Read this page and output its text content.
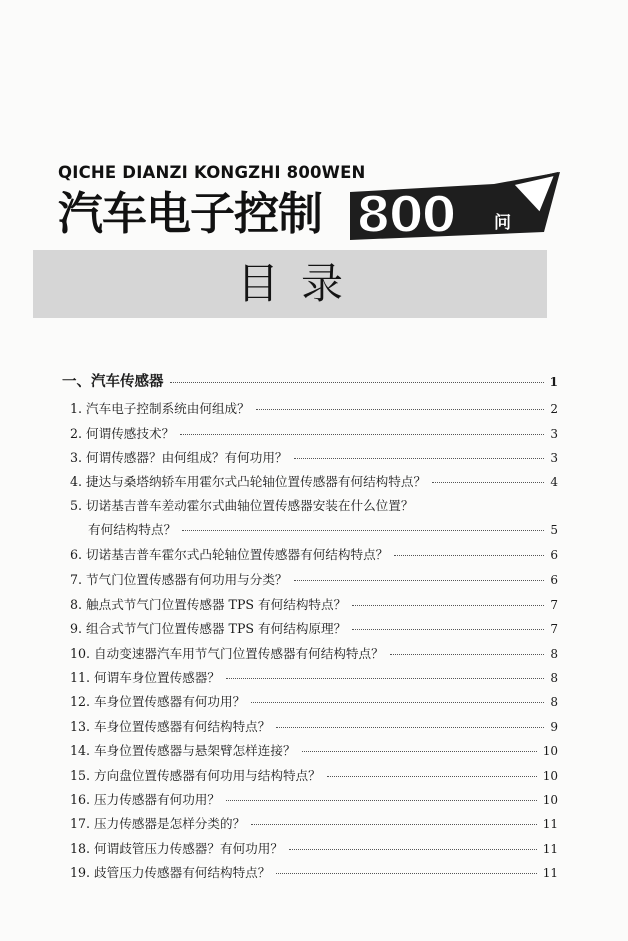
QICHE DIANZI KONGZHI 800WEN
汽车电子控制 800 问
目录
一、汽车传感器	1
1. 汽车电子控制系统由何组成？	2
2. 何谓传感技术？	3
3. 何谓传感器？由何组成？有何功用？	3
4. 捷达与桑塔纳轿车用霍尔式凸轮轴位置传感器有何结构特点？	4
5. 切诺基吉普车差动霍尔式曲轴位置传感器安装在什么位置？
有何结构特点？	5
6. 切诺基吉普车霍尔式凸轮轴位置传感器有何结构特点？	6
7. 节气门位置传感器有何功用与分类？	6
8. 触点式节气门位置传感器 TPS 有何结构特点？	7
9. 组合式节气门位置传感器 TPS 有何结构原理？	7
10. 自动变速器汽车用节气门位置传感器有何结构特点？	8
11. 何谓车身位置传感器？	8
12. 车身位置传感器有何功用？	8
13. 车身位置传感器有何结构特点？	9
14. 车身位置传感器与悬架臂怎样连接？	10
15. 方向盘位置传感器有何功用与结构特点？	10
16. 压力传感器有何功用？	10
17. 压力传感器是怎样分类的？	11
18. 何谓歧管压力传感器？有何功用？	11
19. 歧管压力传感器有何结构特点？	11
